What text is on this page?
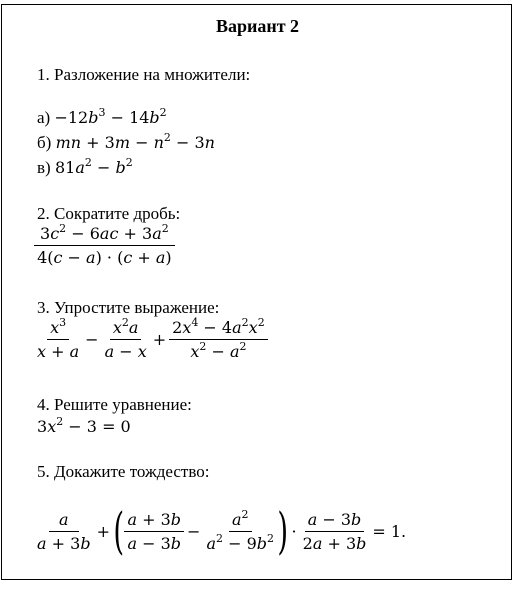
Вариант 2
1. Разложение на множители:
$а) -12b^3 - 14b^2$
б) mn + $3m - n^2 - 3n$
в) $81a^2 - b^2$
2. Сократите дробь:
$\frac{3c^2 - 6ac + 3a^2}{4(c - a) \cdot (c + a)}$
3. Упростите выражение:
$\frac{x^3}{x + a} - \frac{x^2a}{a - x} + \frac{2x^4 - 4a^2x^2}{x^2 - a^2}$
4. Решите уравнение:
$3x^2 - 3 = 0$
5. Докажите тождество:
$\frac{a}{a + 3b}$ + ( $\frac{a + 3b}{a - 3b} - \frac{a^2}{a^2 - 9b^2}$ ) · $\frac{a - 3b}{2a + 3b} = 1$.
